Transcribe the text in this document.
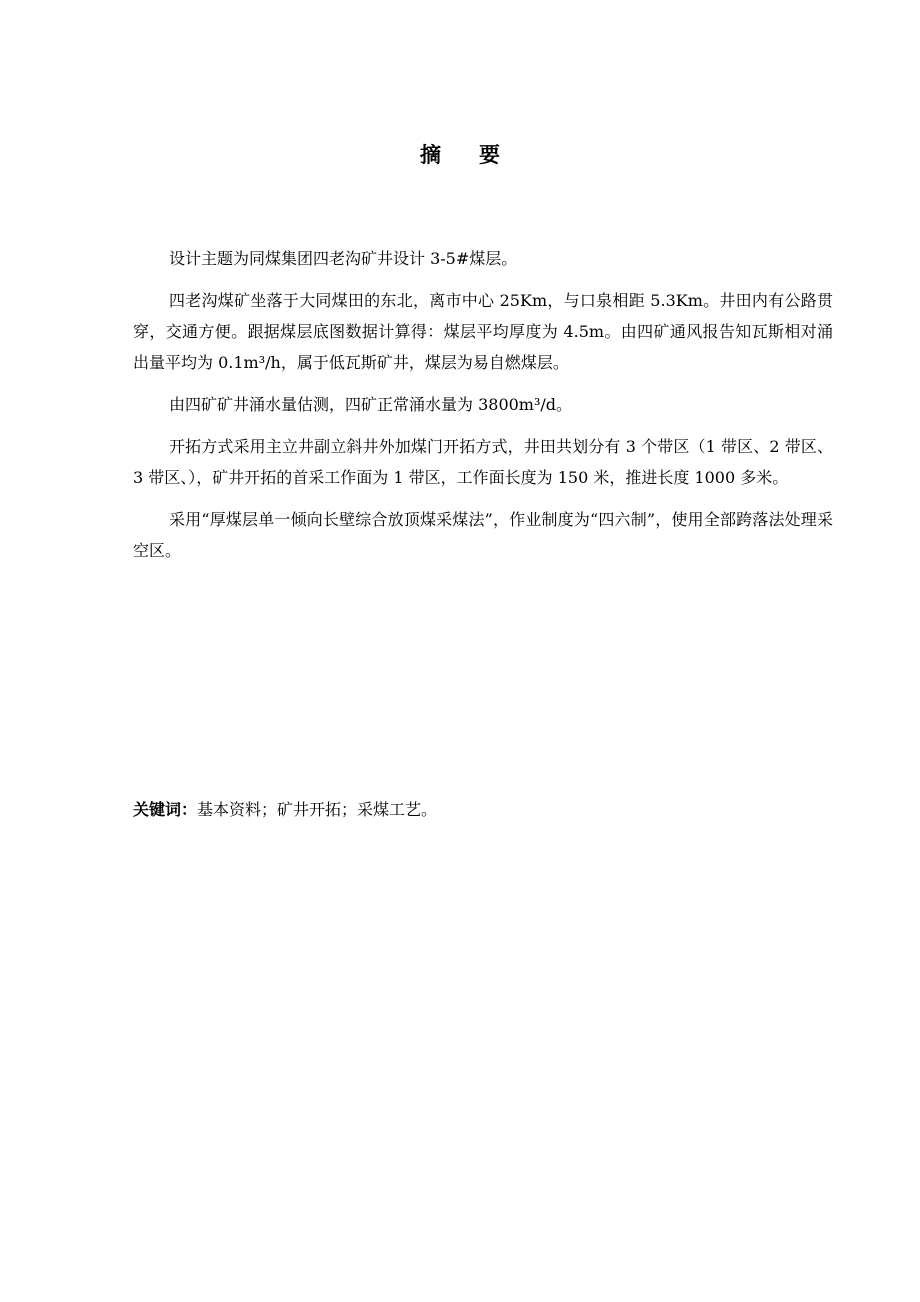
摘 要

设计主题为同煤集团四老沟矿井设计 3-5#煤层。

四老沟煤矿坐落于大同煤田的东北，离市中心 25Km，与口泉相距 5.3Km。井田内有公路贯穿，交通方便。跟据煤层底图数据计算得：煤层平均厚度为 4.5m。由四矿通风报告知瓦斯相对涌出量平均为 0.1m³/h，属于低瓦斯矿井，煤层为易自燃煤层。

由四矿矿井涌水量估测，四矿正常涌水量为 3800m³/d。

开拓方式采用主立井副立斜井外加煤门开拓方式，井田共划分有 3 个带区（1 带区、2 带区、3 带区、），矿井开拓的首采工作面为 1 带区，工作面长度为 150 米，推进长度 1000 多米。

采用“厚煤层单一倾向长壁综合放顶煤采煤法”，作业制度为“四六制”，使用全部跨落法处理采空区。

关键词：基本资料；矿井开拓；采煤工艺。
